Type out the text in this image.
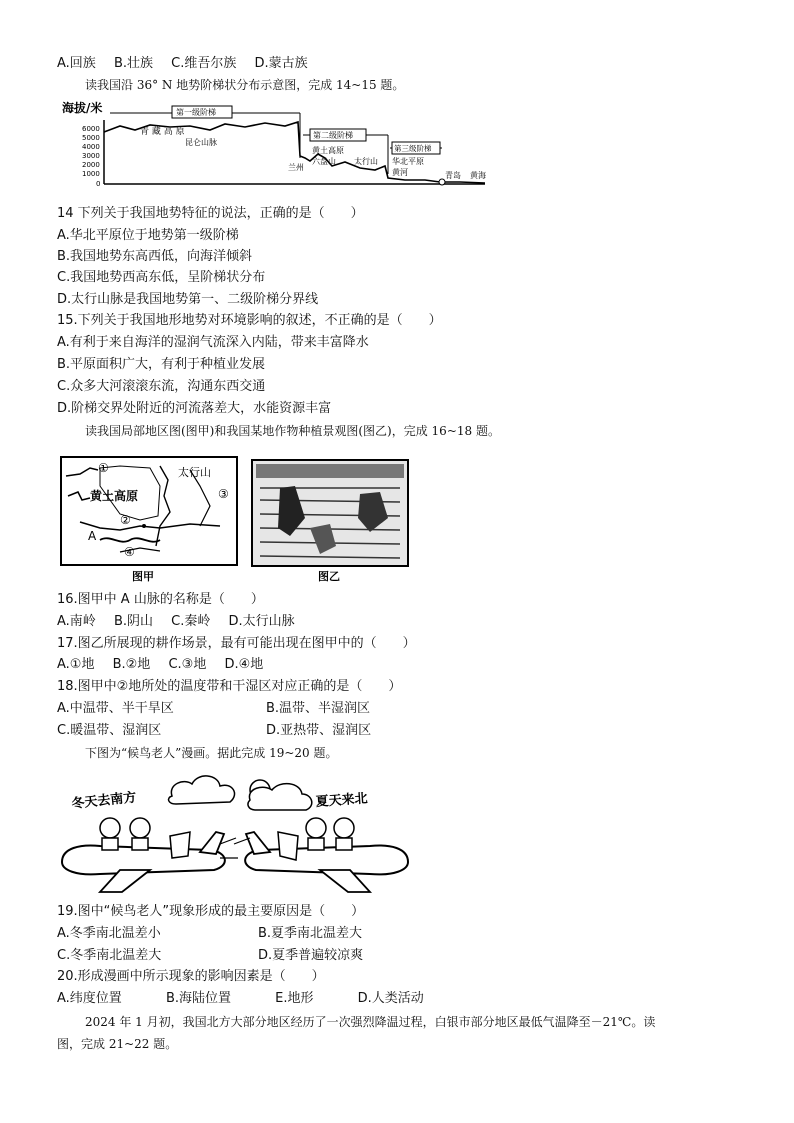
A.回族 B.壮族 C.维吾尔族 D.蒙古族
读我国沿 36° N 地势阶梯状分布示意图，完成 14~15 题。
海拔/米
6000
5000
4000
3000
2000
1000
0
第一级阶梯
第二级阶梯
第三级阶梯
青 藏 高 原
昆仑山脉
黄土高原
六盘山 太行山 华北平原
黄河
兰州
青岛 黄海
14 下列关于我国地势特征的说法，正确的是（　　）
A.华北平原位于地势第一级阶梯
B.我国地势东高西低，向海洋倾斜
C.我国地势西高东低，呈阶梯状分布
D.太行山脉是我国地势第一、二级阶梯分界线
15.下列关于我国地形地势对环境影响的叙述，不正确的是（　　）
A.有利于来自海洋的湿润气流深入内陆，带来丰富降水
B.平原面积广大，有利于种植业发展
C.众多大河滚滚东流，沟通东西交通
D.阶梯交界处附近的河流落差大，水能资源丰富
读我国局部地区图(图甲)和我国某地作物种植景观图(图乙)，完成 16~18 题。
①
黄土高原
太行山
③
②
A
④
图甲	图乙
16.图甲中 A 山脉的名称是（　　）
A.南岭 B.阴山 C.秦岭 D.太行山脉
17.图乙所展现的耕作场景，最有可能出现在图甲中的（　　）
A.①地 B.②地 C.③地 D.④地
18.图甲中②地所处的温度带和干湿区对应正确的是（　　）
A.中温带、半干旱区	B.温带、半湿润区
C.暖温带、湿润区	D.亚热带、湿润区
下图为“候鸟老人”漫画。据此完成 19~20 题。
冬天去南方	夏天来北
19.图中“候鸟老人”现象形成的最主要原因是（　　）
A.冬季南北温差小	B.夏季南北温差大
C.冬季南北温差大	D.夏季普遍较凉爽
20.形成漫画中所示现象的影响因素是（　　）
A.纬度位置	B.海陆位置	E.地形	D.人类活动
2024 年 1 月初，我国北方大部分地区经历了一次强烈降温过程，白银市部分地区最低气温降至－21℃。读
图，完成 21~22 题。
